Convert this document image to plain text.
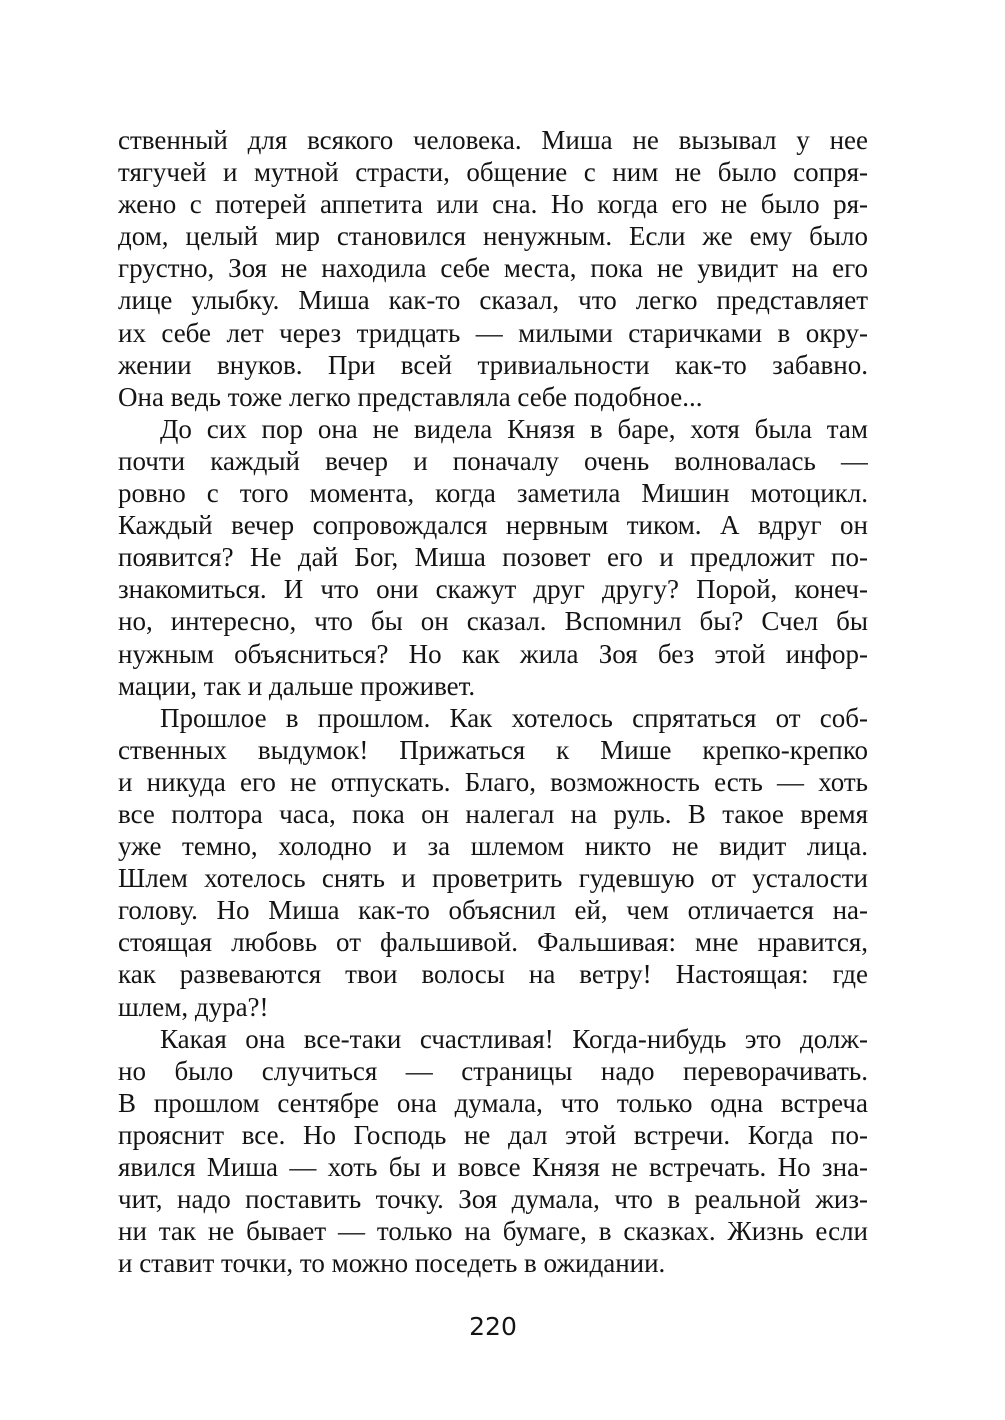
ственный для всякого человека. Миша не вызывал у нее
тягучей и мутной страсти, общение с ним не было сопря-
жено с потерей аппетита или сна. Но когда его не было ря-
дом, целый мир становился ненужным. Если же ему было
грустно, Зоя не находила себе места, пока не увидит на его
лице улыбку. Миша как-то сказал, что легко представляет
их себе лет через тридцать — милыми старичками в окру-
жении внуков. При всей тривиальности как-то забавно.
Она ведь тоже легко представляла себе подобное...
До сих пор она не видела Князя в баре, хотя была там
почти каждый вечер и поначалу очень волновалась —
ровно с того момента, когда заметила Мишин мотоцикл.
Каждый вечер сопровождался нервным тиком. А вдруг он
появится? Не дай Бог, Миша позовет его и предложит по-
знакомиться. И что они скажут друг другу? Порой, конеч-
но, интересно, что бы он сказал. Вспомнил бы? Счел бы
нужным объясниться? Но как жила Зоя без этой инфор-
мации, так и дальше проживет.
Прошлое в прошлом. Как хотелось спрятаться от соб-
ственных выдумок! Прижаться к Мише крепко-крепко
и никуда его не отпускать. Благо, возможность есть — хоть
все полтора часа, пока он налегал на руль. В такое время
уже темно, холодно и за шлемом никто не видит лица.
Шлем хотелось снять и проветрить гудевшую от усталости
голову. Но Миша как-то объяснил ей, чем отличается на-
стоящая любовь от фальшивой. Фальшивая: мне нравится,
как развеваются твои волосы на ветру! Настоящая: где
шлем, дура?!
Какая она все-таки счастливая! Когда-нибудь это долж-
но было случиться — страницы надо переворачивать.
В прошлом сентябре она думала, что только одна встреча
прояснит все. Но Господь не дал этой встречи. Когда по-
явился Миша — хоть бы и вовсе Князя не встречать. Но зна-
чит, надо поставить точку. Зоя думала, что в реальной жиз-
ни так не бывает — только на бумаге, в сказках. Жизнь если
и ставит точки, то можно поседеть в ожидании.
220
